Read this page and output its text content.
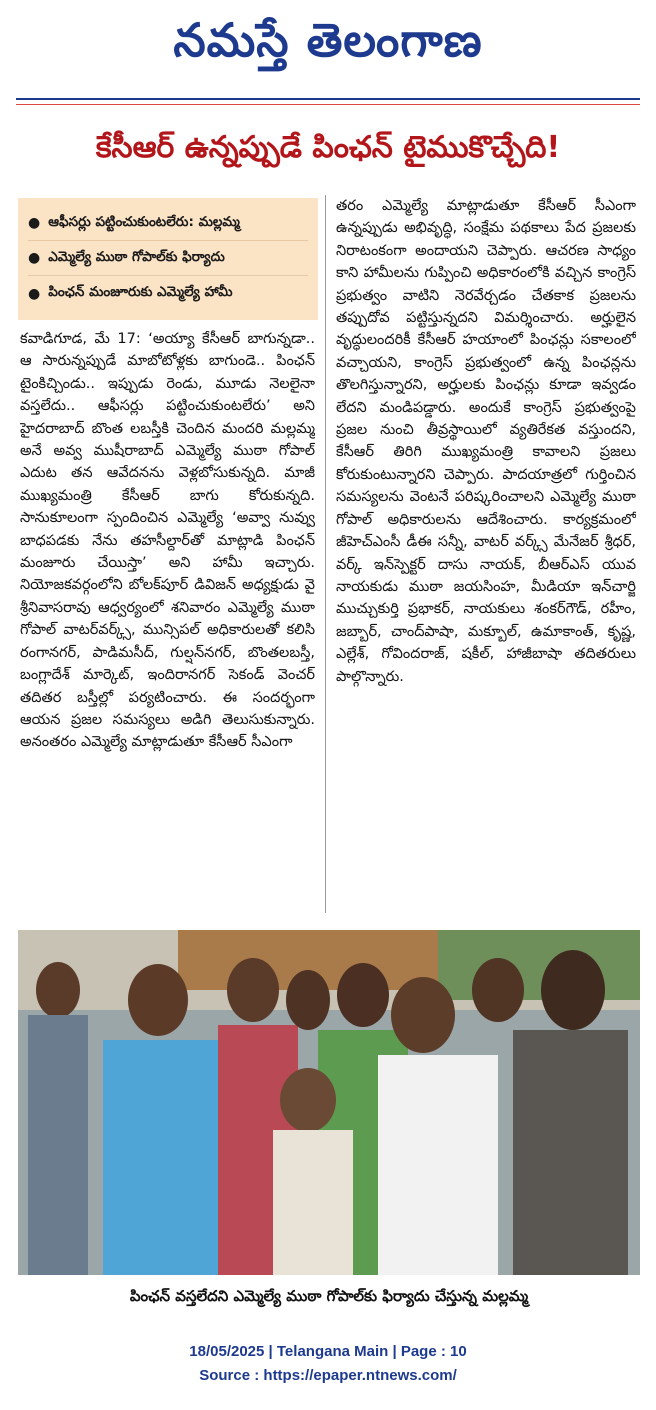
నమస్తే తెలంగాణ
కేసీఆర్ ఉన్నప్పుడే పింఛన్ టైముకొచ్చేది!
● ఆఫీసర్లు పట్టించుకుంటలేరు: మల్లమ్మ
● ఎమ్మెల్యే ముఠా గోపాల్‌కు ఫిర్యాదు
● పింఛన్ మంజూరుకు ఎమ్మెల్యే హామీ
కవాడిగూడ, మే 17: ‘అయ్యా కేసీఆర్ బాగున్నడా.. ఆ సారున్నప్పుడే మాబోటోళ్లకు బాగుండె.. పింఛన్ టైంకిచ్చిండు.. ఇప్పుడు రెండు, మూడు నెలలైనా వస్తలేదు.. ఆఫీసర్లు పట్టించుకుంటలేరు’ అని హైదరాబాద్ బొంత లబస్తీకి చెందిన మందరి మల్లమ్మ అనే అవ్వ ముషీరాబాద్ ఎమ్మెల్యే ముఠా గోపాల్ ఎదుట తన ఆవేదనను వెళ్లబోసుకున్నది. మాజీ ముఖ్యమంత్రి కేసీఆర్ బాగు కోరుకున్నది. సానుకూలంగా స్పందించిన ఎమ్మెల్యే ‘అవ్వా నువ్వు బాధపడకు నేను తహసీల్దార్‌తో మాట్లాడి పింఛన్ మంజూరు చేయిస్తా’ అని హామీ ఇచ్చారు. నియోజకవర్గంలోని బోలక్‌పూర్ డివిజన్ అధ్యక్షుడు వై శ్రీనివాసరావు ఆధ్వర్యంలో శనివారం ఎమ్మెల్యే ముఠా గోపాల్ వాటర్‌వర్క్స్, మున్సిపల్ అధికారులతో కలిసి రంగానగర్, పాడిమసీద్, గుల్షన్‌నగర్, బొంతలబస్తీ, బంగ్లాదేశ్ మార్కెట్, ఇందిరానగర్ సెకండ్ వెంచర్ తదితర బస్తీల్లో పర్యటించారు. ఈ సందర్భంగా ఆయన ప్రజల సమస్యలు అడిగి తెలుసుకున్నారు. అనంతరం ఎమ్మెల్యే మాట్లాడుతూ కేసీఆర్ సీఎంగా
తరం ఎమ్మెల్యే మాట్లాడుతూ కేసీఆర్ సీఎంగా ఉన్నప్పుడు అభివృద్ధి, సంక్షేమ పథకాలు పేద ప్రజలకు నిరాటంకంగా అందాయని చెప్పారు. ఆచరణ సాధ్యం కాని హామీలను గుప్పించి అధికారంలోకి వచ్చిన కాంగ్రెస్ ప్రభుత్వం వాటిని నెరవేర్చడం చేతకాక ప్రజలను తప్పుదోవ పట్టిస్తున్నదని విమర్శించారు. అర్హులైన వృద్ధులందరికీ కేసీఆర్ హయాంలో పింఛన్లు సకాలంలో వచ్చాయని, కాంగ్రెస్ ప్రభుత్వంలో ఉన్న పింఛన్లను తొలగిస్తున్నారని, అర్హులకు పింఛన్లు కూడా ఇవ్వడం లేదని మండిపడ్డారు. అందుకే కాంగ్రెస్ ప్రభుత్వంపై ప్రజల నుంచి తీవ్రస్థాయిలో వ్యతిరేకత వస్తుందని, కేసీఆర్ తిరిగి ముఖ్యమంత్రి కావాలని ప్రజలు కోరుకుంటున్నారని చెప్పారు. పాదయాత్రలో గుర్తించిన సమస్యలను వెంటనే పరిష్కరించాలని ఎమ్మెల్యే ముఠా గోపాల్ అధికారులను ఆదేశించారు. కార్యక్రమంలో జీహెచ్ఎంసీ డీఈ సన్నీ, వాటర్ వర్క్స్ మేనేజర్ శ్రీధర్, వర్క్ ఇన్‌స్పెక్టర్ దాసు నాయక్, బీఆర్ఎస్ యువ నాయకుడు ముఠా జయసింహ, మీడియా ఇన్‌చార్జి ముచ్చుకుర్తి ప్రభాకర్, నాయకులు శంకర్‌గౌడ్, రహీం, జబ్బార్, చాంద్‌పాషా, మక్బూల్, ఉమాకాంత్, కృష్ణ, ఎల్లేశ్, గోవిందరాజ్, షకీల్, హాజీబాషా తదితరులు పాల్గొన్నారు.
పింఛన్ వస్తలేదని ఎమ్మెల్యే ముఠా గోపాల్‌కు ఫిర్యాదు చేస్తున్న మల్లమ్మ
18/05/2025 | Telangana Main | Page : 10
Source : https://epaper.ntnews.com/
